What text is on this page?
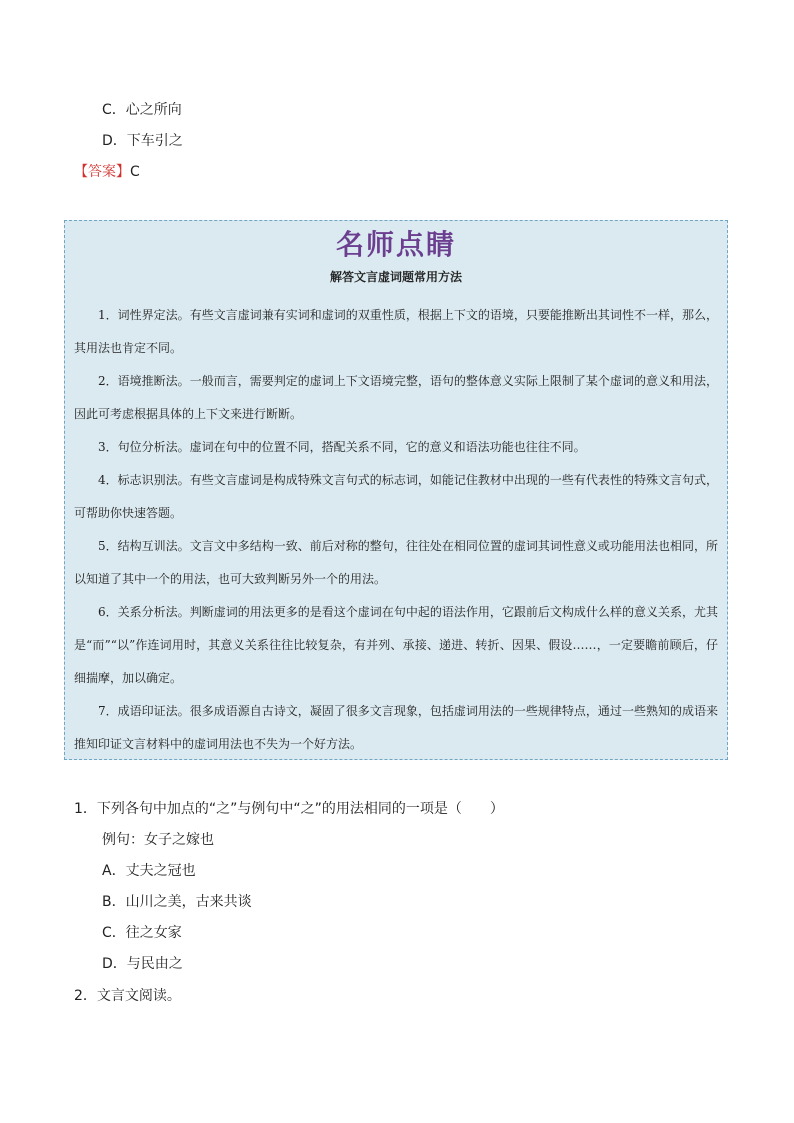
C．心之所向
D．下车引之
【答案】C
名师点睛
解答文言虚词题常用方法

1．词性界定法。有些文言虚词兼有实词和虚词的双重性质，根据上下文的语境，只要能推断出其词性不一样，那么，其用法也肯定不同。

2．语境推断法。一般而言，需要判定的虚词上下文语境完整，语句的整体意义实际上限制了某个虚词的意义和用法，因此可考虑根据具体的上下文来进行断断。

3．句位分析法。虚词在句中的位置不同，搭配关系不同，它的意义和语法功能也往往不同。

4．标志识别法。有些文言虚词是构成特殊文言句式的标志词，如能记住教材中出现的一些有代表性的特殊文言句式，可帮助你快速答题。

5．结构互训法。文言文中多结构一致、前后对称的整句，往往处在相同位置的虚词其词性意义或功能用法也相同，所以知道了其中一个的用法，也可大致判断另外一个的用法。

6．关系分析法。判断虚词的用法更多的是看这个虚词在句中起的语法作用，它跟前后文构成什么样的意义关系，尤其是“而”“以”作连词用时，其意义关系往往比较复杂，有并列、承接、递进、转折、因果、假设……，一定要瞻前顾后，仔细揣摩，加以确定。

7．成语印证法。很多成语源自古诗文，凝固了很多文言现象，包括虚词用法的一些规律特点，通过一些熟知的成语来推知印证文言材料中的虚词用法也不失为一个好方法。

1．下列各句中加点的“之”与例句中“之”的用法相同的一项是（　　）
例句：女子之嫁也
A．丈夫之冠也
B．山川之美，古来共谈
C．往之女家
D．与民由之
2．文言文阅读。
